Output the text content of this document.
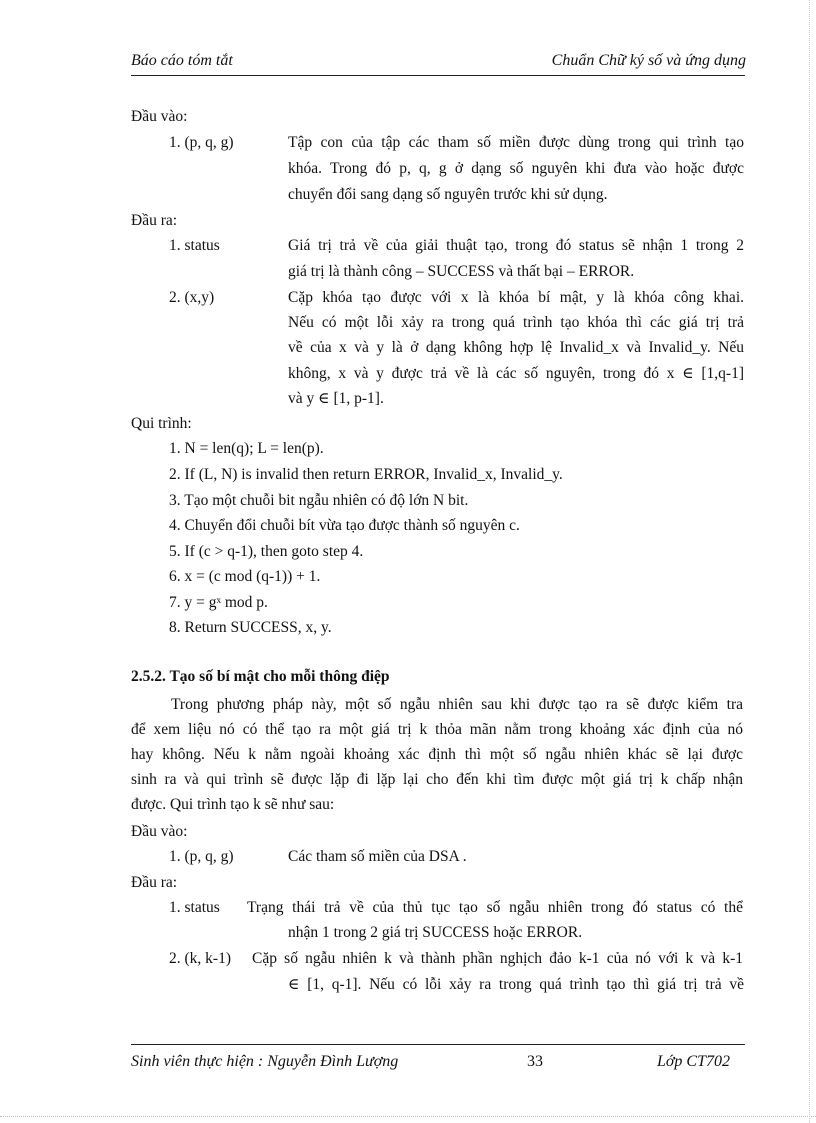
Báo cáo tóm tắt	Chuẩn Chữ ký số và ứng dụng
Đầu vào:
1. (p, q, g)	Tập con của tập các tham số miền được dùng trong qui trình tạo
khóa. Trong đó p, q, g ở dạng số nguyên khi đưa vào hoặc được
chuyển đổi sang dạng số nguyên trước khi sử dụng.
Đầu ra:
1. status	Giá trị trả về của giải thuật tạo, trong đó status sẽ nhận 1 trong 2
giá trị là thành công – SUCCESS và thất bại – ERROR.
2. (x,y)	Cặp khóa tạo được với x là khóa bí mật, y là khóa công khai.
Nếu có một lỗi xảy ra trong quá trình tạo khóa thì các giá trị trả
về của x và y là ở dạng không hợp lệ Invalid_x và Invalid_y. Nếu
không, x và y được trả về là các số nguyên, trong đó x ∈ [1,q-1]
và y ∈ [1, p-1].
Qui trình:
1. N = len(q); L = len(p).
2. If (L, N) is invalid then return ERROR, Invalid_x, Invalid_y.
3. Tạo một chuỗi bit ngẫu nhiên có độ lớn N bit.
4. Chuyển đổi chuỗi bít vừa tạo được thành số nguyên c.
5. If (c > q-1), then goto step 4.
6. x = (c mod (q-1)) + 1.
7. y = gˣ mod p.
8. Return SUCCESS, x, y.
2.5.2. Tạo số bí mật cho mỗi thông điệp
Trong phương pháp này, một số ngẫu nhiên sau khi được tạo ra sẽ được kiểm tra
để xem liệu nó có thể tạo ra một giá trị k thỏa mãn nằm trong khoảng xác định của nó
hay không. Nếu k nằm ngoài khoảng xác định thì một số ngẫu nhiên khác sẽ lại được
sinh ra và qui trình sẽ được lặp đi lặp lại cho đến khi tìm được một giá trị k chấp nhận
được. Qui trình tạo k sẽ như sau:
Đầu vào:
1. (p, q, g)	Các tham số miền của DSA .
Đầu ra:
1. status Trạng thái trả về của thủ tục tạo số ngẫu nhiên trong đó status có thể
nhận 1 trong 2 giá trị SUCCESS hoặc ERROR.
2. (k, k-1) Cặp số ngẫu nhiên k và thành phần nghịch đảo k-1 của nó với k và k-1
∈ [1, q-1]. Nếu có lỗi xảy ra trong quá trình tạo thì giá trị trả về
Sinh viên thực hiện : Nguyễn Đình Lượng	33	Lớp CT702
